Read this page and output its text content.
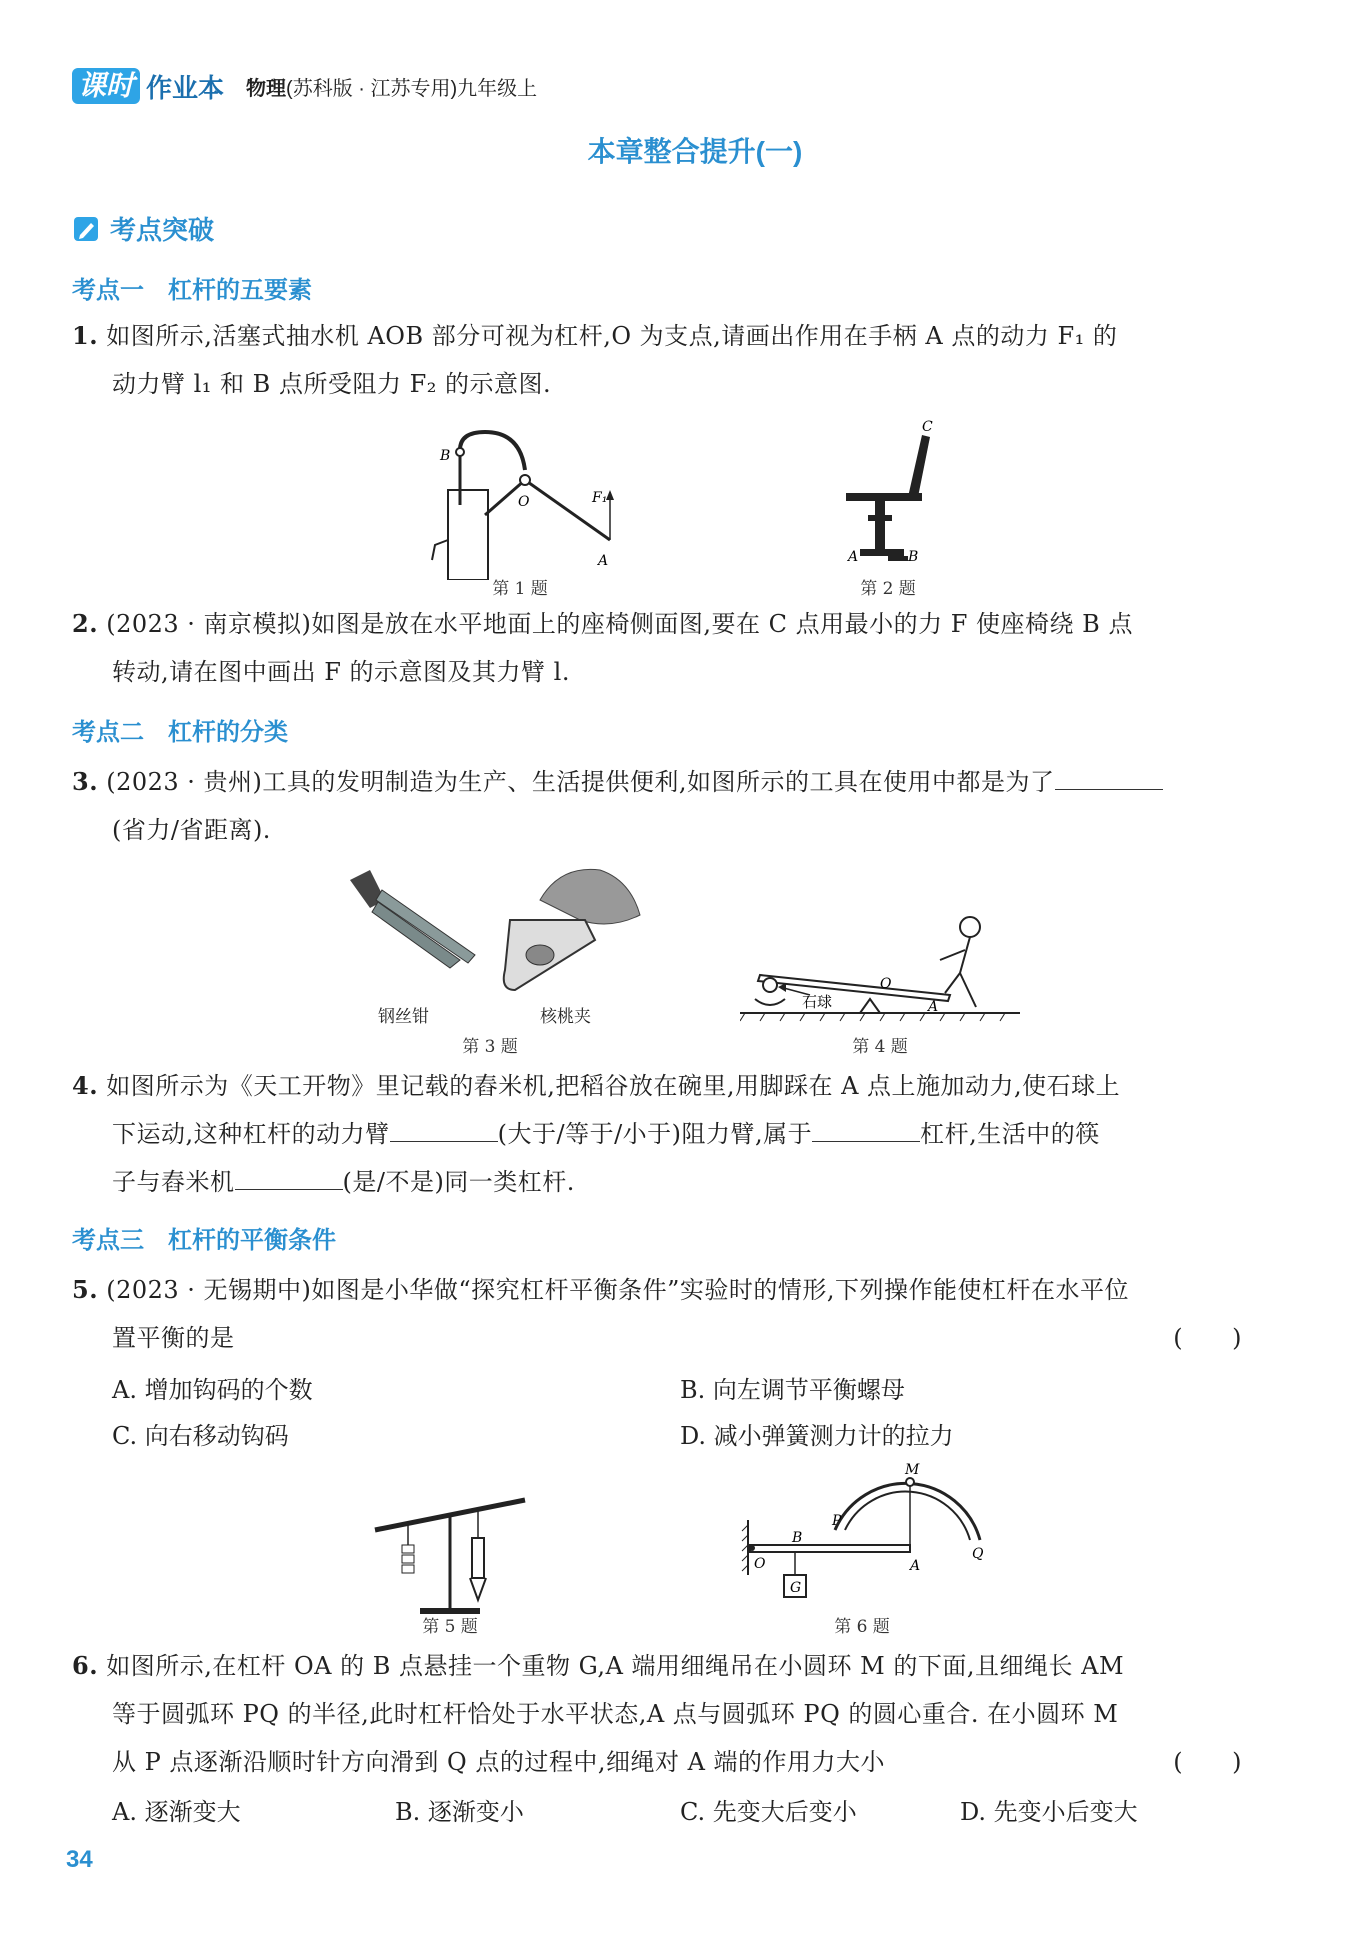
课时 作业本 物理 (苏科版 · 江苏专用) 九年级上
本章整合提升(一)
考点突破
考点一　杠杆的五要素
1. 如图所示,活塞式抽水机 AOB 部分可视为杠杆,O 为支点,请画出作用在手柄 A 点的动力 F₁ 的
动力臂 l₁ 和 B 点所受阻力 F₂ 的示意图.
B
O	F₁
A
第 1 题
C
A	B
第 2 题
2. (2023 · 南京模拟)如图是放在水平地面上的座椅侧面图,要在 C 点用最小的力 F 使座椅绕 B 点
转动,请在图中画出 F 的示意图及其力臂 l.
考点二　杠杆的分类
3. (2023 · 贵州)工具的发明制造为生产、生活提供便利,如图所示的工具在使用中都是为了
(省力/省距离).
钢丝钳	核桃夹
第 3 题
石球
O
A
第 4 题
4. 如图所示为《天工开物》里记载的舂米机,把稻谷放在碗里,用脚踩在 A 点上施加动力,使石球上
下运动,这种杠杆的动力臂	(大于/等于/小于)阻力臂,属于	杠杆,生活中的筷
子与舂米机	(是/不是)同一类杠杆.
考点三　杠杆的平衡条件
5. (2023 · 无锡期中)如图是小华做“探究杠杆平衡条件”实验时的情形,下列操作能使杠杆在水平位
置平衡的是	(　　)
A. 增加钩码的个数	B. 向左调节平衡螺母
C. 向右移动钩码	D. 减小弹簧测力计的拉力
第 5 题
M
G
P
Q
B
O	A
第 6 题
6. 如图所示,在杠杆 OA 的 B 点悬挂一个重物 G,A 端用细绳吊在小圆环 M 的下面,且细绳长 AM
等于圆弧环 PQ 的半径,此时杠杆恰处于水平状态,A 点与圆弧环 PQ 的圆心重合. 在小圆环 M
从 P 点逐渐沿顺时针方向滑到 Q 点的过程中,细绳对 A 端的作用力大小	(　　)
A. 逐渐变大	B. 逐渐变小	C. 先变大后变小	D. 先变小后变大
34
